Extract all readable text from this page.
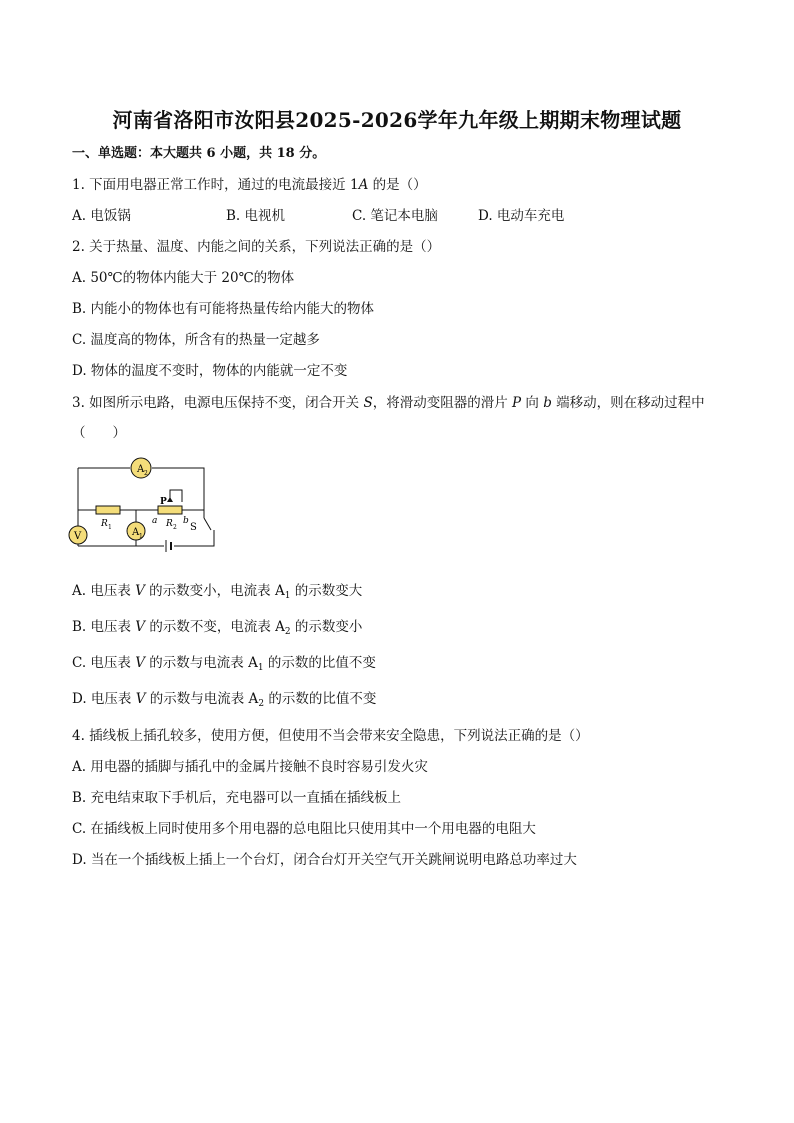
河南省洛阳市汝阳县2025-2026学年九年级上期期末物理试题
一、单选题：本大题共 6 小题，共 18 分。
1. 下面用电器正常工作时，通过的电流最接近 1A 的是（）
A. 电饭锅	B. 电视机	C. 笔记本电脑	D. 电动车充电
2. 关于热量、温度、内能之间的关系，下列说法正确的是（）
A. 50℃的物体内能大于 20℃的物体
B. 内能小的物体也有可能将热量传给内能大的物体
C. 温度高的物体，所含有的热量一定越多
D. 物体的温度不变时，物体的内能就一定不变
3. 如图所示电路，电源电压保持不变，闭合开关 S，将滑动变阻器的滑片 P 向 b 端移动，则在移动过程中
（　　）
A 2
R 1
P
a R 2
b
A 1
V
S
A. 电压表 V 的示数变小，电流表 $A_1$ 的示数变大
B. 电压表 V 的示数不变，电流表 $A_2$ 的示数变小
C. 电压表 V 的示数与电流表 $A_1$ 的示数的比值不变
D. 电压表 V 的示数与电流表 $A_2$ 的示数的比值不变
4. 插线板上插孔较多，使用方便，但使用不当会带来安全隐患，下列说法正确的是（）
A. 用电器的插脚与插孔中的金属片接触不良时容易引发火灾
B. 充电结束取下手机后，充电器可以一直插在插线板上
C. 在插线板上同时使用多个用电器的总电阻比只使用其中一个用电器的电阻大
D. 当在一个插线板上插上一个台灯，闭合台灯开关空气开关跳闸说明电路总功率过大
